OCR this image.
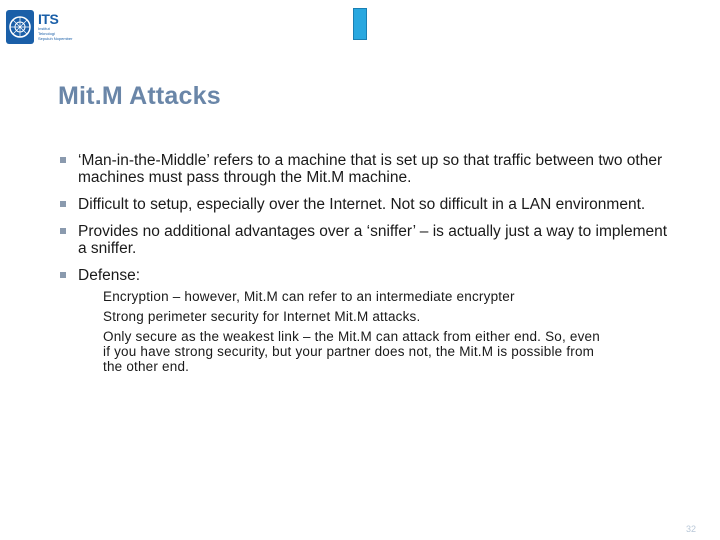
ITS
Institut
Teknologi
Sepuluh Nopember
Mit.M Attacks
‘Man-in-the-Middle’ refers to a machine that is set up so that traffic between two other machines must pass through the Mit.M machine.
Difficult to setup, especially over the Internet. Not so difficult in a LAN environment.
Provides no additional advantages over a ‘sniffer’ – is actually just a way to implement a sniffer.
Defense:
Encryption – however, Mit.M can refer to an intermediate encrypter
Strong perimeter security for Internet Mit.M attacks.
Only secure as the weakest link – the Mit.M can attack from either end. So, even if you have strong security, but your partner does not, the Mit.M is possible from the other end.
32
